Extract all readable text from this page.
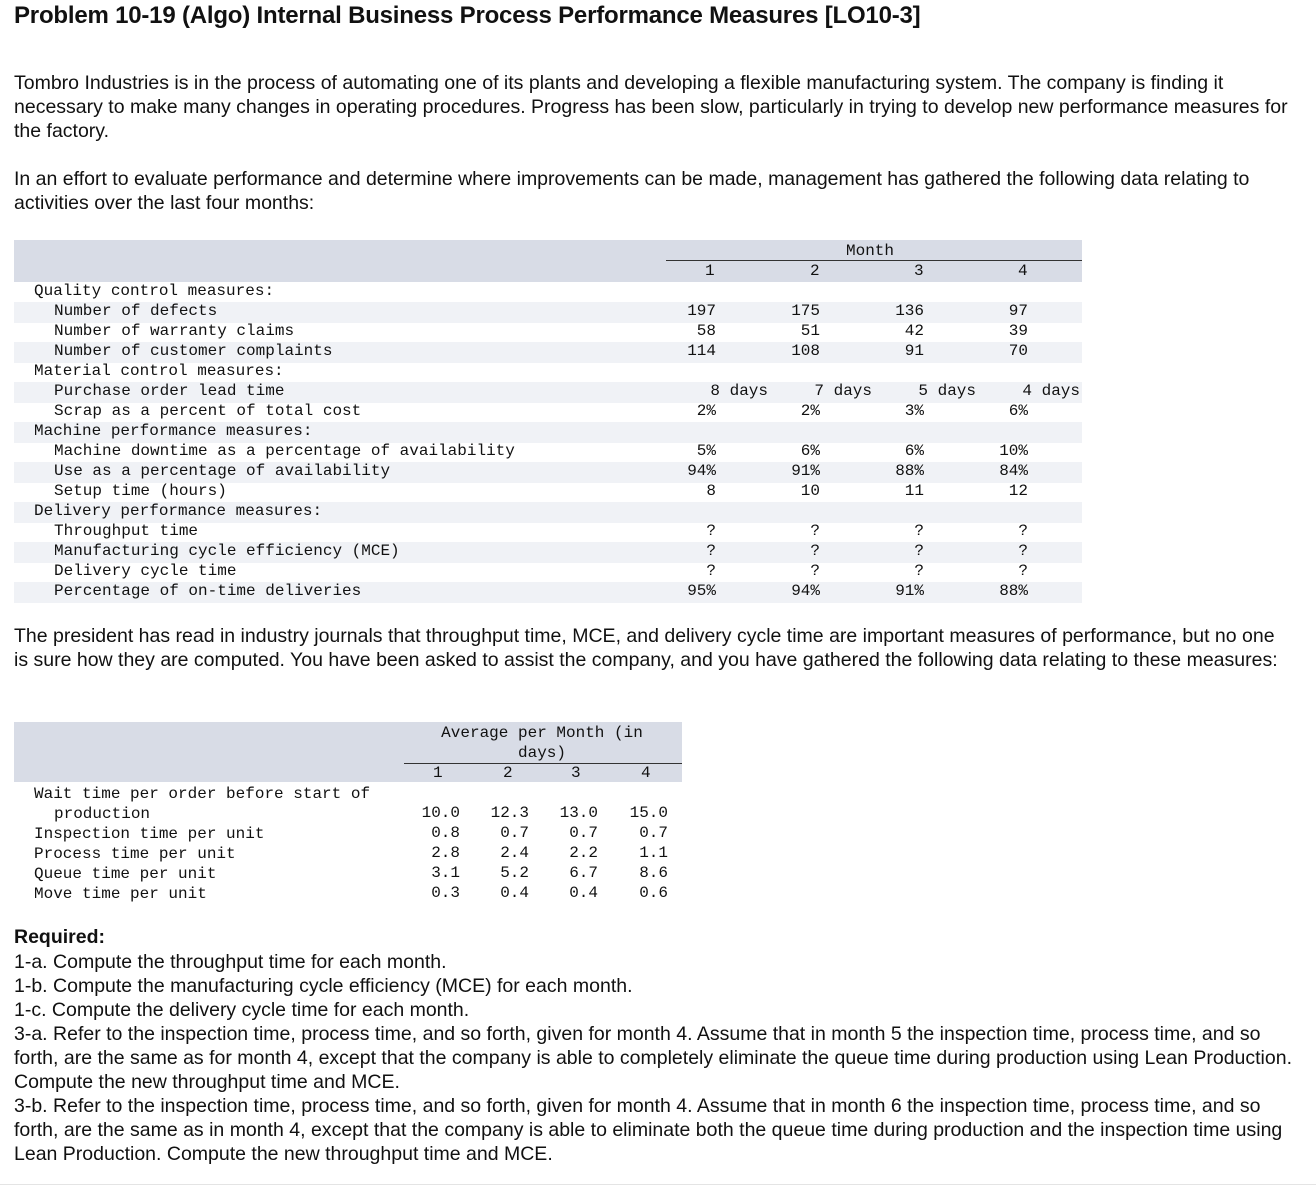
Problem 10-19 (Algo) Internal Business Process Performance Measures [LO10-3]

Tombro Industries is in the process of automating one of its plants and developing a flexible manufacturing system. The company is finding it necessary to make many changes in operating procedures. Progress has been slow, particularly in trying to develop new performance measures for the factory.

In an effort to evaluate performance and determine where improvements can be made, management has gathered the following data relating to activities over the last four months:

Month
1	2	3	4
Quality control measures:
Number of defects	197	175	136	97
Number of warranty claims	58	51	42	39
Number of customer complaints	114	108	91	70
Material control measures:
Purchase order lead time	8 days	7 days	5 days	4 days
Scrap as a percent of total cost	2%	2%	3%	6%
Machine performance measures:
Machine downtime as a percentage of availability	5%	6%	6%	10%
Use as a percentage of availability	94%	91%	88%	84%
Setup time (hours)	8	10	11	12
Delivery performance measures:
Throughput time	?	?	?	?
Manufacturing cycle efficiency (MCE)	?	?	?	?
Delivery cycle time	?	?	?	?
Percentage of on-time deliveries	95%	94%	91%	88%

The president has read in industry journals that throughput time, MCE, and delivery cycle time are important measures of performance, but no one is sure how they are computed. You have been asked to assist the company, and you have gathered the following data relating to these measures:

Average per Month (in
days)
1	2	3	4
Wait time per order before start of
production	10.0	12.3	13.0	15.0
Inspection time per unit	0.8	0.7	0.7	0.7
Process time per unit	2.8	2.4	2.2	1.1
Queue time per unit	3.1	5.2	6.7	8.6
Move time per unit	0.3	0.4	0.4	0.6
Required:
1-a. Compute the throughput time for each month.
1-b. Compute the manufacturing cycle efficiency (MCE) for each month.
1-c. Compute the delivery cycle time for each month.
3-a. Refer to the inspection time, process time, and so forth, given for month 4. Assume that in month 5 the inspection time, process time, and so forth, are the same as for month 4, except that the company is able to completely eliminate the queue time during production using Lean Production. Compute the new throughput time and MCE.
3-b. Refer to the inspection time, process time, and so forth, given for month 4. Assume that in month 6 the inspection time, process time, and so forth, are the same as in month 4, except that the company is able to eliminate both the queue time during production and the inspection time using Lean Production. Compute the new throughput time and MCE.
